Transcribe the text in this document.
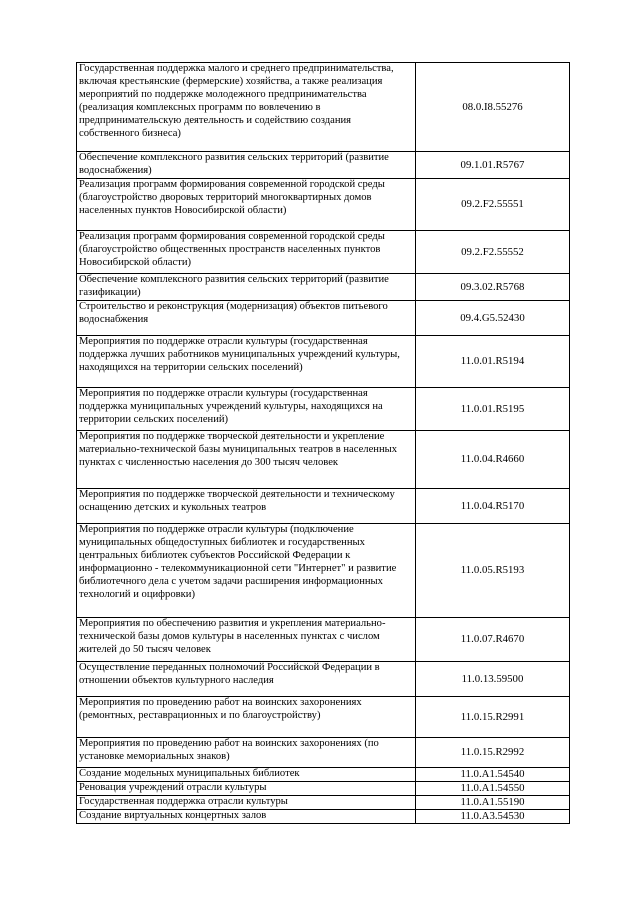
Государственная поддержка малого и среднего предпринимательства, включая крестьянские (фермерские) хозяйства, а также реализация мероприятий по поддержке молодежного предпринимательства (реализация комплексных программ по вовлечению в предпринимательскую деятельность и содействию создания собственного бизнеса)	08.0.I8.55276
Обеспечение комплексного развития сельских территорий (развитие водоснабжения)	09.1.01.R5767
Реализация программ формирования современной городской среды (благоустройство дворовых территорий многоквартирных домов населенных пунктов Новосибирской области)	09.2.F2.55551
Реализация программ формирования современной городской среды (благоустройство общественных пространств населенных пунктов Новосибирской области)	09.2.F2.55552
Обеспечение комплексного развития сельских территорий (развитие газификации)	09.3.02.R5768
Строительство и реконструкция (модернизация) объектов питьевого водоснабжения	09.4.G5.52430
Мероприятия по поддержке отрасли культуры (государственная поддержка лучших работников муниципальных учреждений культуры, находящихся на территории сельских поселений)	11.0.01.R5194
Мероприятия по поддержке отрасли культуры (государственная поддержка муниципальных учреждений культуры, находящихся на территории сельских поселений)	11.0.01.R5195
Мероприятия по поддержке творческой деятельности и укрепление материально-технической базы муниципальных театров в населенных пунктах с численностью населения до 300 тысяч человек	11.0.04.R4660
Мероприятия по поддержке творческой деятельности и техническому оснащению детских и кукольных театров	11.0.04.R5170
Мероприятия по поддержке отрасли культуры (подключение муниципальных общедоступных библиотек и государственных центральных библиотек субъектов Российской Федерации к информационно - телекоммуникационной сети "Интернет" и развитие библиотечного дела с учетом задачи расширения информационных технологий и оцифровки)	11.0.05.R5193
Мероприятия по обеспечению развития и укрепления материально-технической базы домов культуры в населенных пунктах с числом жителей до 50 тысяч человек	11.0.07.R4670
Осуществление переданных полномочий Российской Федерации в отношении объектов культурного наследия	11.0.13.59500
Мероприятия по проведению работ на воинских захоронениях (ремонтных, реставрационных и по благоустройству)	11.0.15.R2991
Мероприятия по проведению работ на воинских захоронениях (по установке мемориальных знаков)	11.0.15.R2992
Создание модельных муниципальных библиотек	11.0.A1.54540
Реновация учреждений отрасли культуры	11.0.A1.54550
Государственная поддержка отрасли культуры	11.0.A1.55190
Создание виртуальных концертных залов	11.0.A3.54530
